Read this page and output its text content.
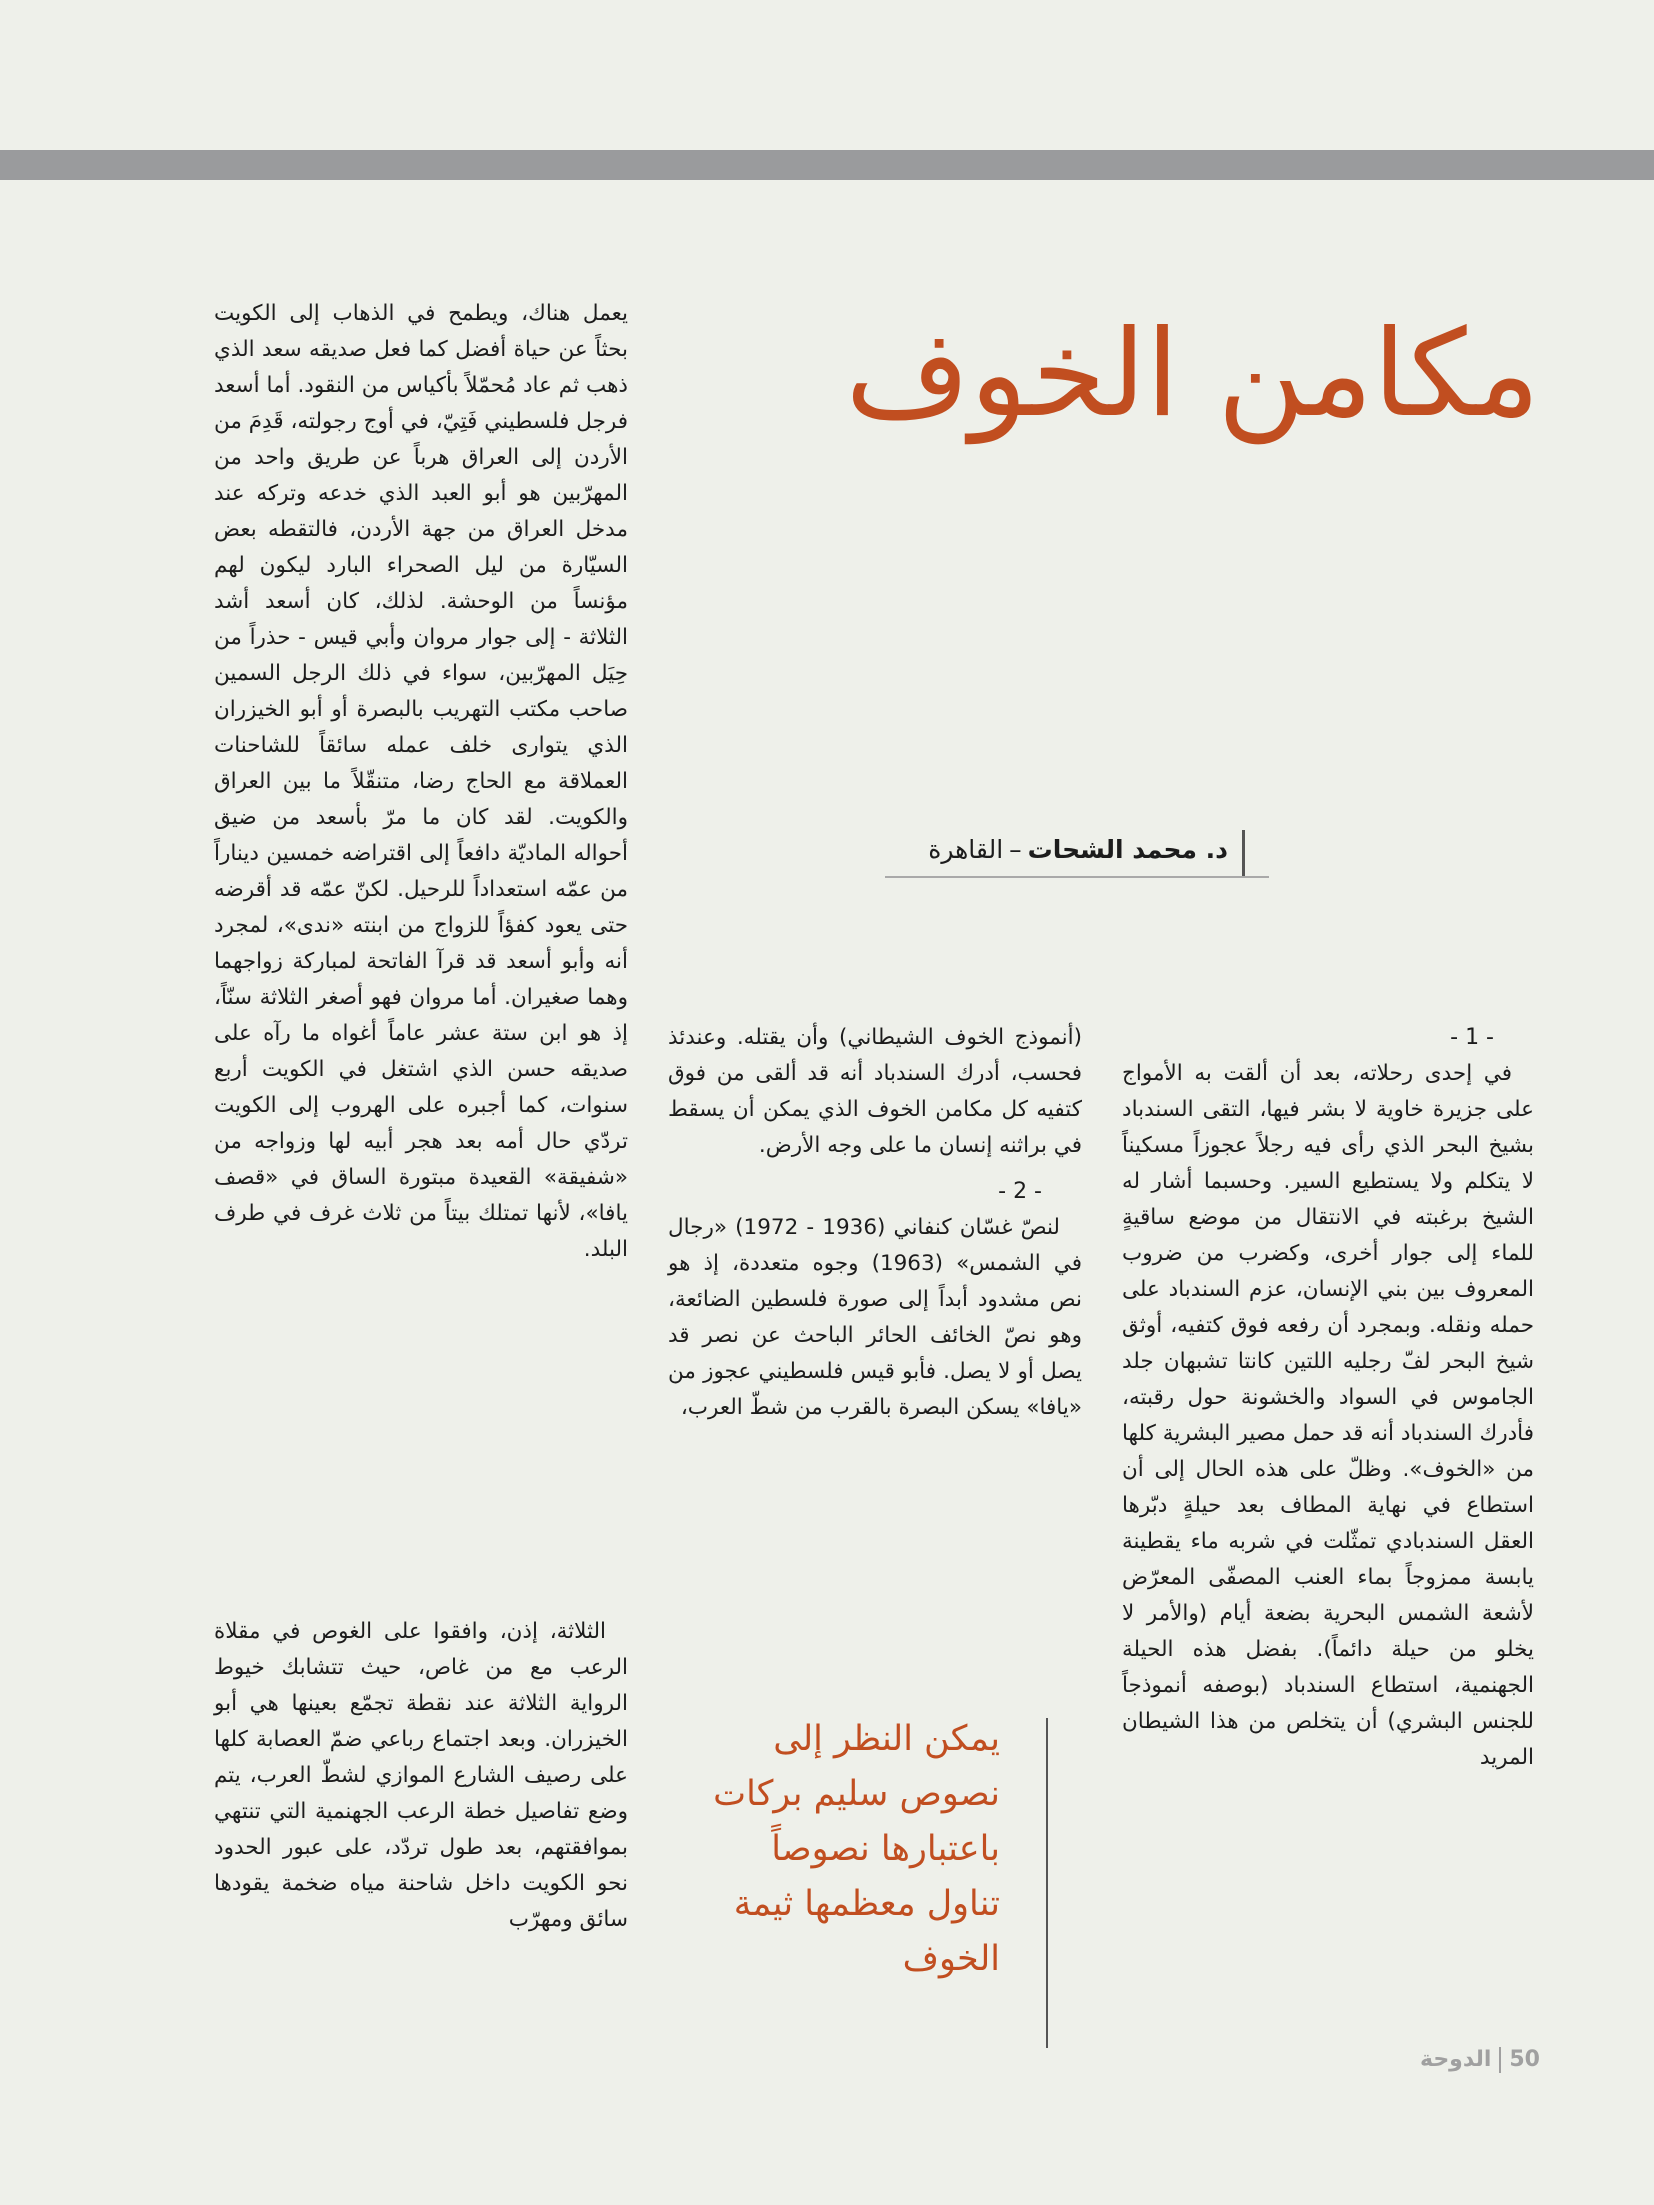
مكامن الخوف
د. محمد الشحات–القاهرة
- 1 -

في إحدى رحلاته، بعد أن ألقت به الأمواج على جزيرة خاوية لا بشر فيها، التقى السندباد بشيخ البحر الذي رأى فيه رجلاً عجوزاً مسكيناً لا يتكلم ولا يستطيع السير. وحسبما أشار له الشيخ برغبته في الانتقال من موضع ساقيةٍ للماء إلى جوار أخرى، وكضرب من ضروب المعروف بين بني الإنسان، عزم السندباد على حمله ونقله. وبمجرد أن رفعه فوق كتفيه، أوثق شيخ البحر لفّ رجليه اللتين كانتا تشبهان جلد الجاموس في السواد والخشونة حول رقبته، فأدرك السندباد أنه قد حمل مصير البشرية كلها من «الخوف». وظلّ على هذه الحال إلى أن استطاع في نهاية المطاف بعد حيلةٍ دبّرها العقل السندبادي تمثّلت في شربه ماء يقطينة يابسة ممزوجاً بماء العنب المصفّى المعرّض لأشعة الشمس البحرية بضعة أيام (والأمر لا يخلو من حيلة دائماً). بفضل هذه الحيلة الجهنمية، استطاع السندباد (بوصفه أنموذجاً للجنس البشري) أن يتخلص من هذا الشيطان المريد

(أنموذج الخوف الشيطاني) وأن يقتله. وعندئذ فحسب، أدرك السندباد أنه قد ألقى من فوق كتفيه كل مكامن الخوف الذي يمكن أن يسقط في براثنه إنسان ما على وجه الأرض.

- 2 -

لنصّ غسّان كنفاني (1936 - 1972) «رجال في الشمس» (1963) وجوه متعددة، إذ هو نص مشدود أبداً إلى صورة فلسطين الضائعة، وهو نصّ الخائف الحائر الباحث عن نصر قد يصل أو لا يصل. فأبو قيس فلسطيني عجوز من «يافا» يسكن البصرة بالقرب من شطّ العرب،

يعمل هناك، ويطمح في الذهاب إلى الكويت بحثاً عن حياة أفضل كما فعل صديقه سعد الذي ذهب ثم عاد مُحمّلاً بأكياس من النقود. أما أسعد فرجل فلسطيني فَتِيّ، في أوج رجولته، قَدِمَ من الأردن إلى العراق هرباً عن طريق واحد من المهرّبين هو أبو العبد الذي خدعه وتركه عند مدخل العراق من جهة الأردن، فالتقطه بعض السيّارة من ليل الصحراء البارد ليكون لهم مؤنساً من الوحشة. لذلك، كان أسعد أشد الثلاثة - إلى جوار مروان وأبي قيس - حذراً من حِيَل المهرّبين، سواء في ذلك الرجل السمين صاحب مكتب التهريب بالبصرة أو أبو الخيزران الذي يتوارى خلف عمله سائقاً للشاحنات العملاقة مع الحاج رضا، متنقّلاً ما بين العراق والكويت. لقد كان ما مرّ بأسعد من ضيق أحواله الماديّة دافعاً إلى اقتراضه خمسين ديناراً من عمّه استعداداً للرحيل. لكنّ عمّه قد أقرضه حتى يعود كفؤاً للزواج من ابنته «ندى»، لمجرد أنه وأبو أسعد قد قرآ الفاتحة لمباركة زواجهما وهما صغيران. أما مروان فهو أصغر الثلاثة سنّاً، إذ هو ابن ستة عشر عاماً أغواه ما رآه على صديقه حسن الذي اشتغل في الكويت أربع سنوات، كما أجبره على الهروب إلى الكويت تردّي حال أمه بعد هجر أبيه لها وزواجه من «شفيقة» القعيدة مبتورة الساق في «قصف يافا»، لأنها تمتلك بيتاً من ثلاث غرف في طرف البلد.

الثلاثة، إذن، وافقوا على الغوص في مقلاة الرعب مع من غاص، حيث تتشابك خيوط الرواية الثلاثة عند نقطة تجمّع بعينها هي أبو الخيزران. وبعد اجتماع رباعي ضمّ العصابة كلها على رصيف الشارع الموازي لشطّ العرب، يتم وضع تفاصيل خطة الرعب الجهنمية التي تنتهي بموافقتهم، بعد طول تردّد، على عبور الحدود نحو الكويت داخل شاحنة مياه ضخمة يقودها سائق ومهرّب

يمكن النظر إلى نصوص سليم بركات باعتبارها نصوصاً تناول معظمها ثيمة الخوف
50الدوحة
